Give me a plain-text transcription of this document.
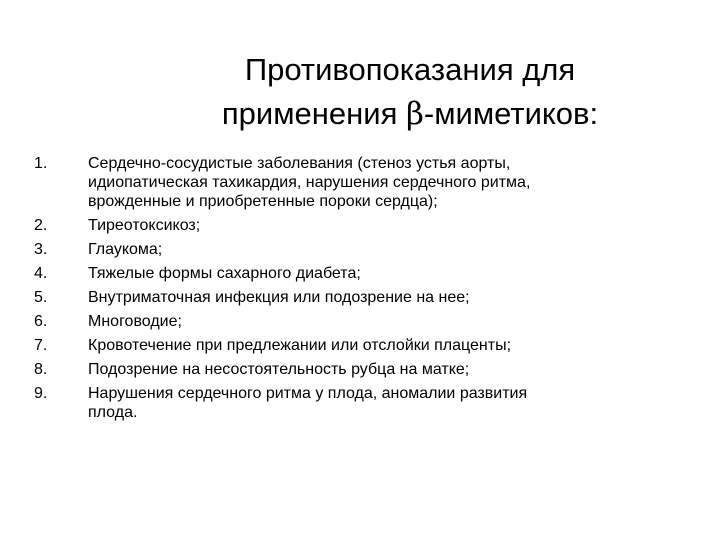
Противопоказания для
применения β-миметиков:
1.	Сердечно-сосудистые заболевания (стеноз устья аорты,
идиопатическая тахикардия, нарушения сердечного ритма,
врожденные и приобретенные пороки сердца);
2.	Тиреотоксикоз;
3.	Глаукома;
4.	Тяжелые формы сахарного диабета;
5.	Внутриматочная инфекция или подозрение на нее;
6.	Многоводие;
7.	Кровотечение при предлежании или отслойки плаценты;
8.	Подозрение на несостоятельность рубца на матке;
9.	Нарушения сердечного ритма у плода, аномалии развития
плода.
